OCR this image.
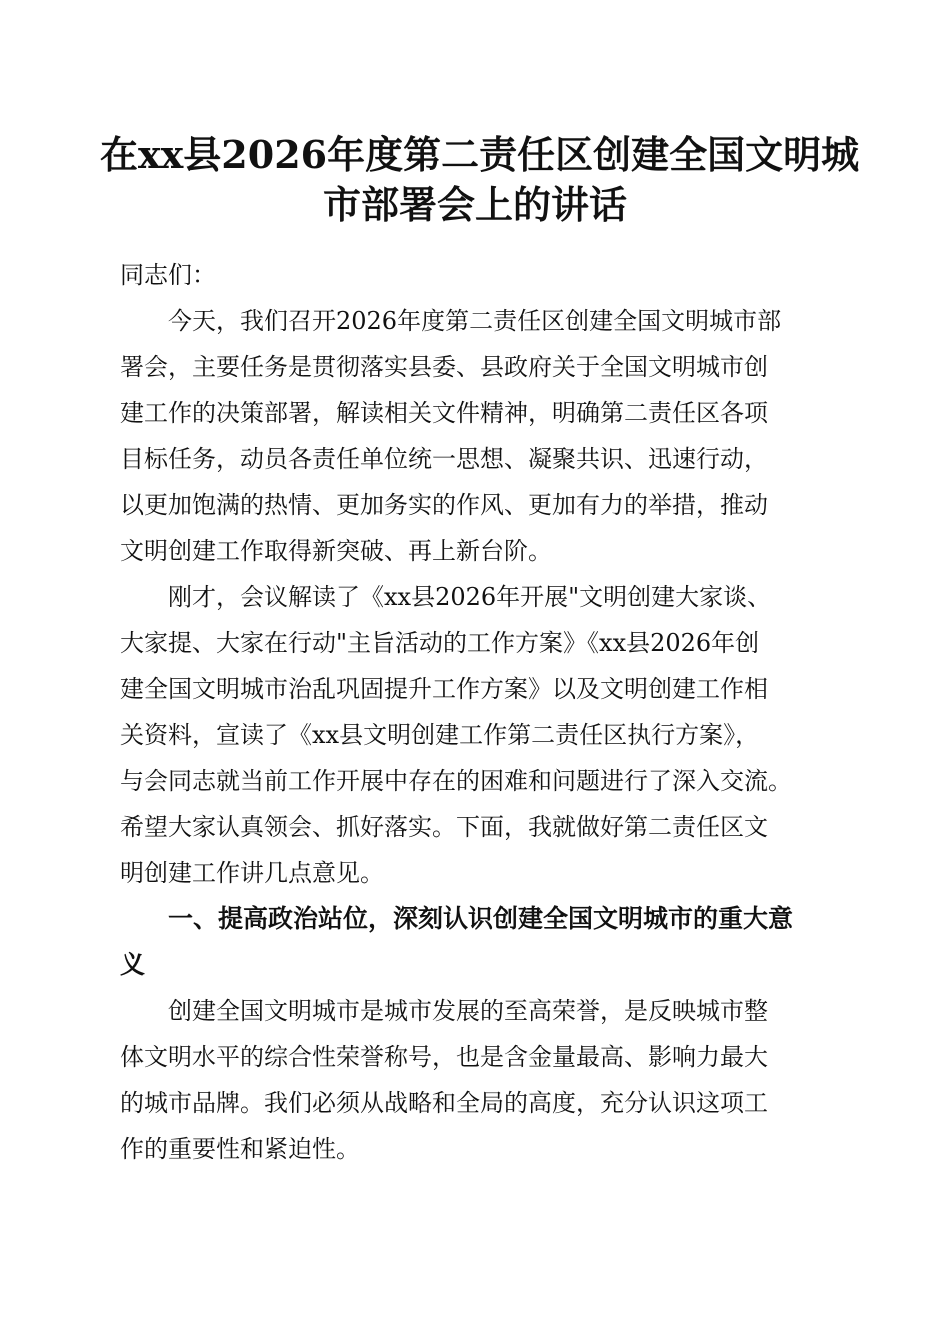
在xx县2026年度第二责任区创建全国文明城
市部署会上的讲话
同志们：
今天，我们召开2026年度第二责任区创建全国文明城市部
署会，主要任务是贯彻落实县委、县政府关于全国文明城市创
建工作的决策部署，解读相关文件精神，明确第二责任区各项
目标任务，动员各责任单位统一思想、凝聚共识、迅速行动，
以更加饱满的热情、更加务实的作风、更加有力的举措，推动
文明创建工作取得新突破、再上新台阶。
刚才，会议解读了《xx县2026年开展"文明创建大家谈、
大家提、大家在行动"主旨活动的工作方案》《xx县2026年创
建全国文明城市治乱巩固提升工作方案》以及文明创建工作相
关资料，宣读了《xx县文明创建工作第二责任区执行方案》，
与会同志就当前工作开展中存在的困难和问题进行了深入交流。
希望大家认真领会、抓好落实。下面，我就做好第二责任区文
明创建工作讲几点意见。
一、提高政治站位，深刻认识创建全国文明城市的重大意
义
创建全国文明城市是城市发展的至高荣誉，是反映城市整
体文明水平的综合性荣誉称号，也是含金量最高、影响力最大
的城市品牌。我们必须从战略和全局的高度，充分认识这项工
作的重要性和紧迫性。
